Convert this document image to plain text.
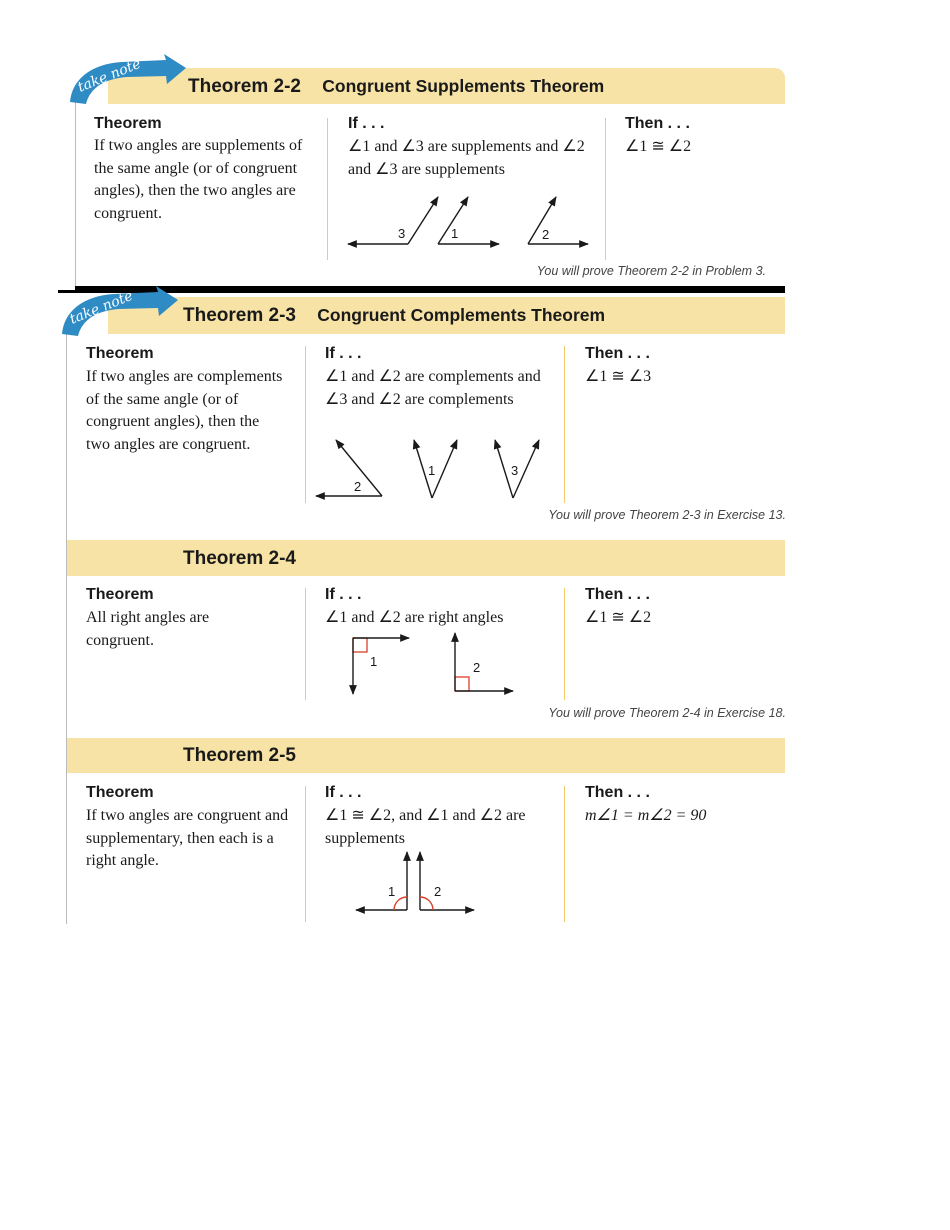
take note Theorem 2-2 Congruent Supplements Theorem
Theorem
If two angles are supplements of the same angle (or of congruent angles), then the two angles are congruent.
If . . .
∠1 and ∠3 are supplements and ∠2 and ∠3 are supplements
3	1	2
Then . . .
∠1 ≅ ∠2
You will prove Theorem 2-2 in Problem 3.
take note	Theorem 2-3 Congruent Complements Theorem
Theorem
If two angles are complements of the same angle (or of congruent angles), then the two angles are congruent.
If . . .
∠1 and ∠2 are complements and ∠3 and ∠2 are complements
2
1	3
Then . . .
∠1 ≅ ∠3
You will prove Theorem 2-3 in Exercise 13.
Theorem 2-4
Theorem
All right angles are congruent.
If . . .
∠1 and ∠2 are right angles
1	2
Then . . .
∠1 ≅ ∠2
You will prove Theorem 2-4 in Exercise 18.
Theorem 2-5
Theorem
If two angles are congruent and supplementary, then each is a right angle.
If . . .
∠1 ≅ ∠2, and ∠1 and ∠2 are supplements
1	2
Then . . .
m∠1 = m∠2 = 90
